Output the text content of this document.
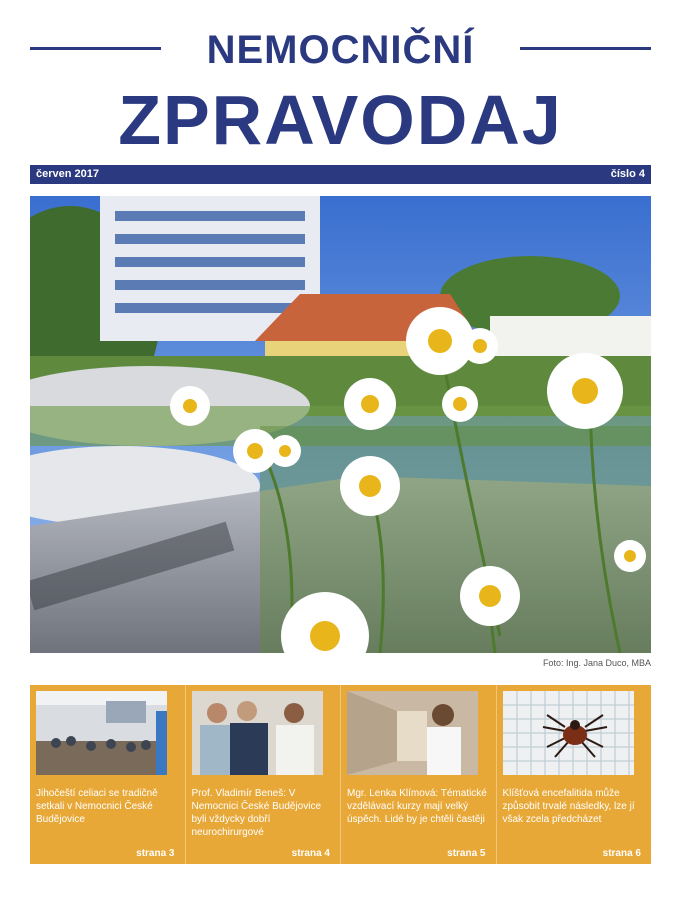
NEMOCNIČNÍ
ZPRAVODAJ
červen 2017	číslo 4
Foto: Ing. Jana Duco, MBA
Jihočeští celiaci se tradičně setkali v Nemocnici České Budějovice
strana 3
Prof. Vladimír Beneš: V Nemocnici České Budějovice byli vždycky dobří neurochirurgové
strana 4
Mgr. Lenka Klímová: Tématické vzdělávací kurzy mají velký úspěch. Lidé by je chtěli častěji
strana 5
Klíšťová encefalitida může způsobit trvalé následky, lze jí však zcela předcházet
strana 6
